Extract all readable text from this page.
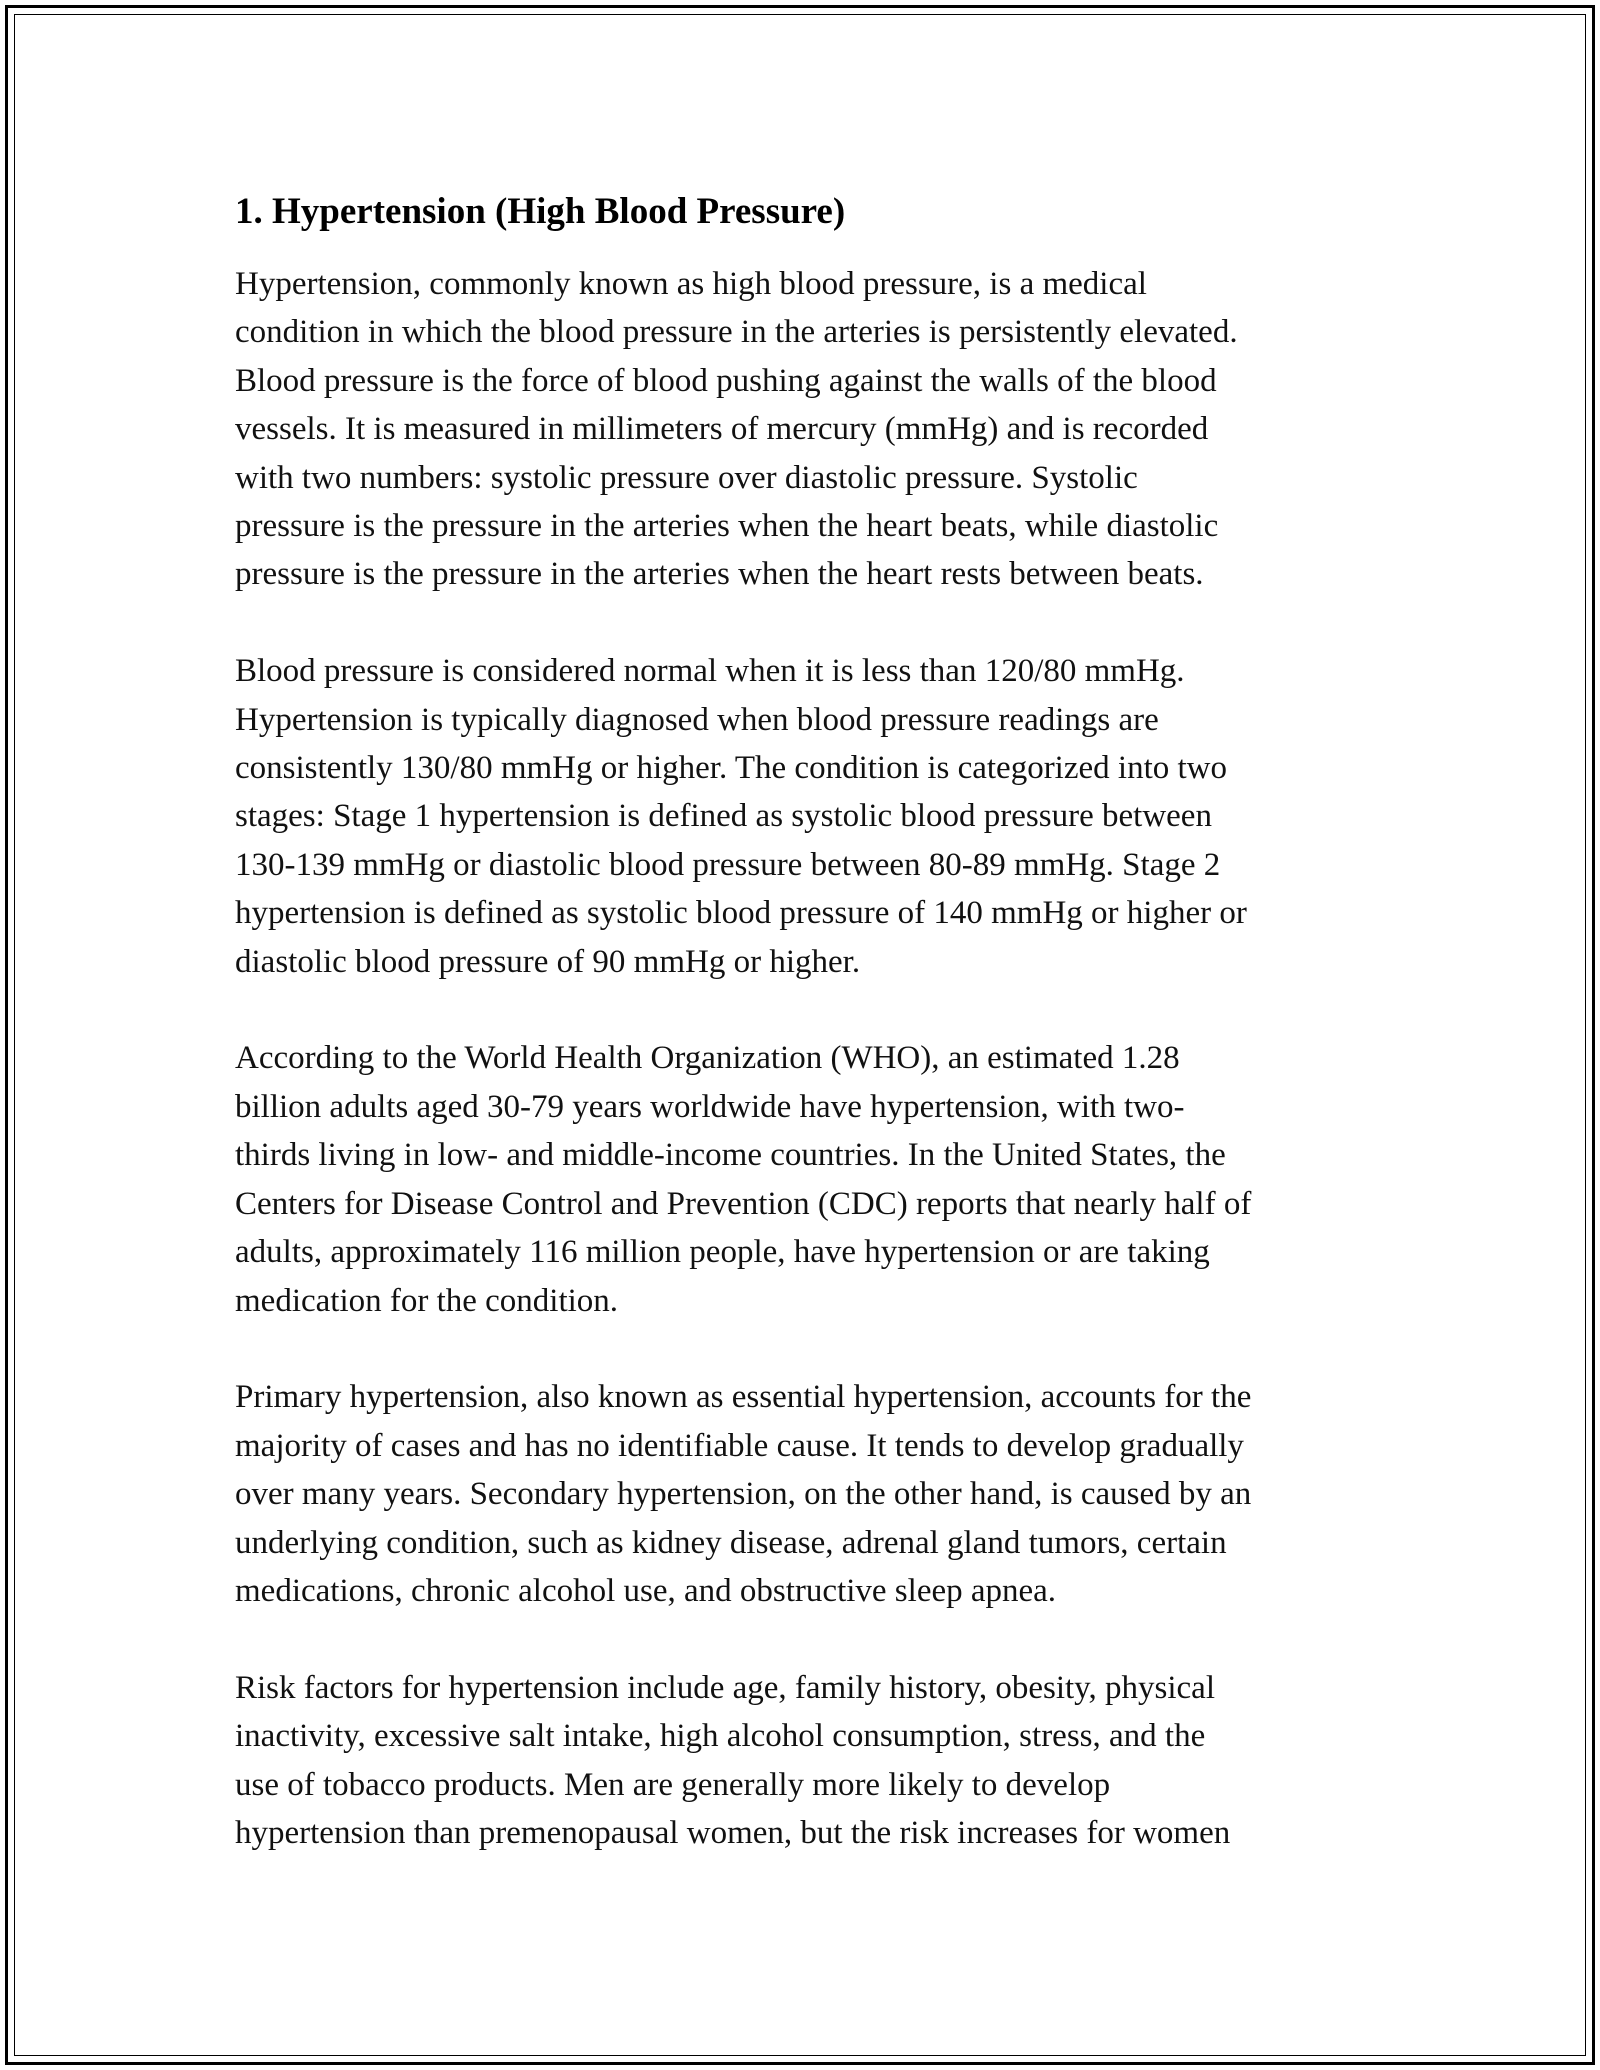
1. Hypertension (High Blood Pressure)

Hypertension, commonly known as high blood pressure, is a medical
condition in which the blood pressure in the arteries is persistently elevated.
Blood pressure is the force of blood pushing against the walls of the blood
vessels. It is measured in millimeters of mercury (mmHg) and is recorded
with two numbers: systolic pressure over diastolic pressure. Systolic
pressure is the pressure in the arteries when the heart beats, while diastolic
pressure is the pressure in the arteries when the heart rests between beats.

Blood pressure is considered normal when it is less than 120/80 mmHg.
Hypertension is typically diagnosed when blood pressure readings are
consistently 130/80 mmHg or higher. The condition is categorized into two
stages: Stage 1 hypertension is defined as systolic blood pressure between
130-139 mmHg or diastolic blood pressure between 80-89 mmHg. Stage 2
hypertension is defined as systolic blood pressure of 140 mmHg or higher or
diastolic blood pressure of 90 mmHg or higher.

According to the World Health Organization (WHO), an estimated 1.28
billion adults aged 30-79 years worldwide have hypertension, with two-
thirds living in low- and middle-income countries. In the United States, the
Centers for Disease Control and Prevention (CDC) reports that nearly half of
adults, approximately 116 million people, have hypertension or are taking
medication for the condition.

Primary hypertension, also known as essential hypertension, accounts for the
majority of cases and has no identifiable cause. It tends to develop gradually
over many years. Secondary hypertension, on the other hand, is caused by an
underlying condition, such as kidney disease, adrenal gland tumors, certain
medications, chronic alcohol use, and obstructive sleep apnea.

Risk factors for hypertension include age, family history, obesity, physical
inactivity, excessive salt intake, high alcohol consumption, stress, and the
use of tobacco products. Men are generally more likely to develop
hypertension than premenopausal women, but the risk increases for women
